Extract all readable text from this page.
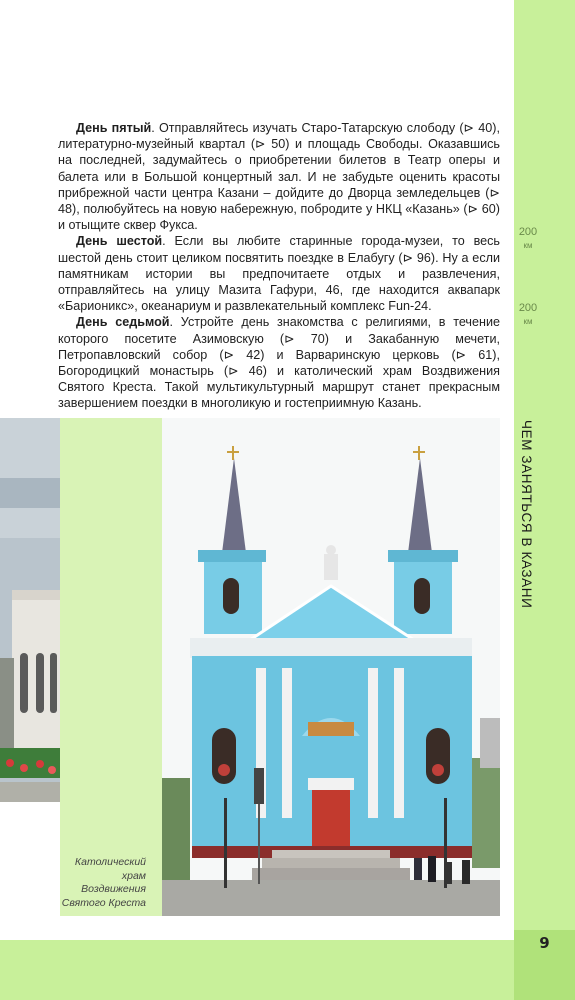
9
200
км
200
км
ЧЕМ ЗАНЯТЬСЯ В КАЗАНИ

День пятый. Отправляйтесь изучать Старо-Татарскую слободу (⊳ 40), литературно-музейный квартал (⊳ 50) и площадь Свободы. Оказавшись на последней, задумайтесь о приобретении билетов в Театр оперы и балета или в Большой концертный зал. И не забудьте оценить красоты прибрежной части центра Казани – дойдите до Дворца земледельцев (⊳ 48), полюбуйтесь на новую набережную, побродите у НКЦ «Казань» (⊳ 60) и отыщите сквер Фукса.

День шестой. Если вы любите старинные города-музеи, то весь шестой день стоит целиком посвятить поездке в Елабугу (⊳ 96). Ну а если памятникам истории вы предпочитаете отдых и развлечения, отправляйтесь на улицу Мазита Гафури, 46, где находится аквапарк «Барионикс», океанариум и развлекательный комплекс Fun-24.

День седьмой. Устройте день знакомства с религиями, в течение которого посетите Азимовскую (⊳ 70) и Закабанную мечети, Петропавловский собор (⊳ 42) и Варваринскую церковь (⊳ 61), Богородицкий монастырь (⊳ 46) и католический храм Воздвижения Святого Креста. Такой мультикультурный маршрут станет прекрасным завершением поездки в многоликую и гостеприимную Казань.

Католический
храм
Воздвижения
Святого Креста
